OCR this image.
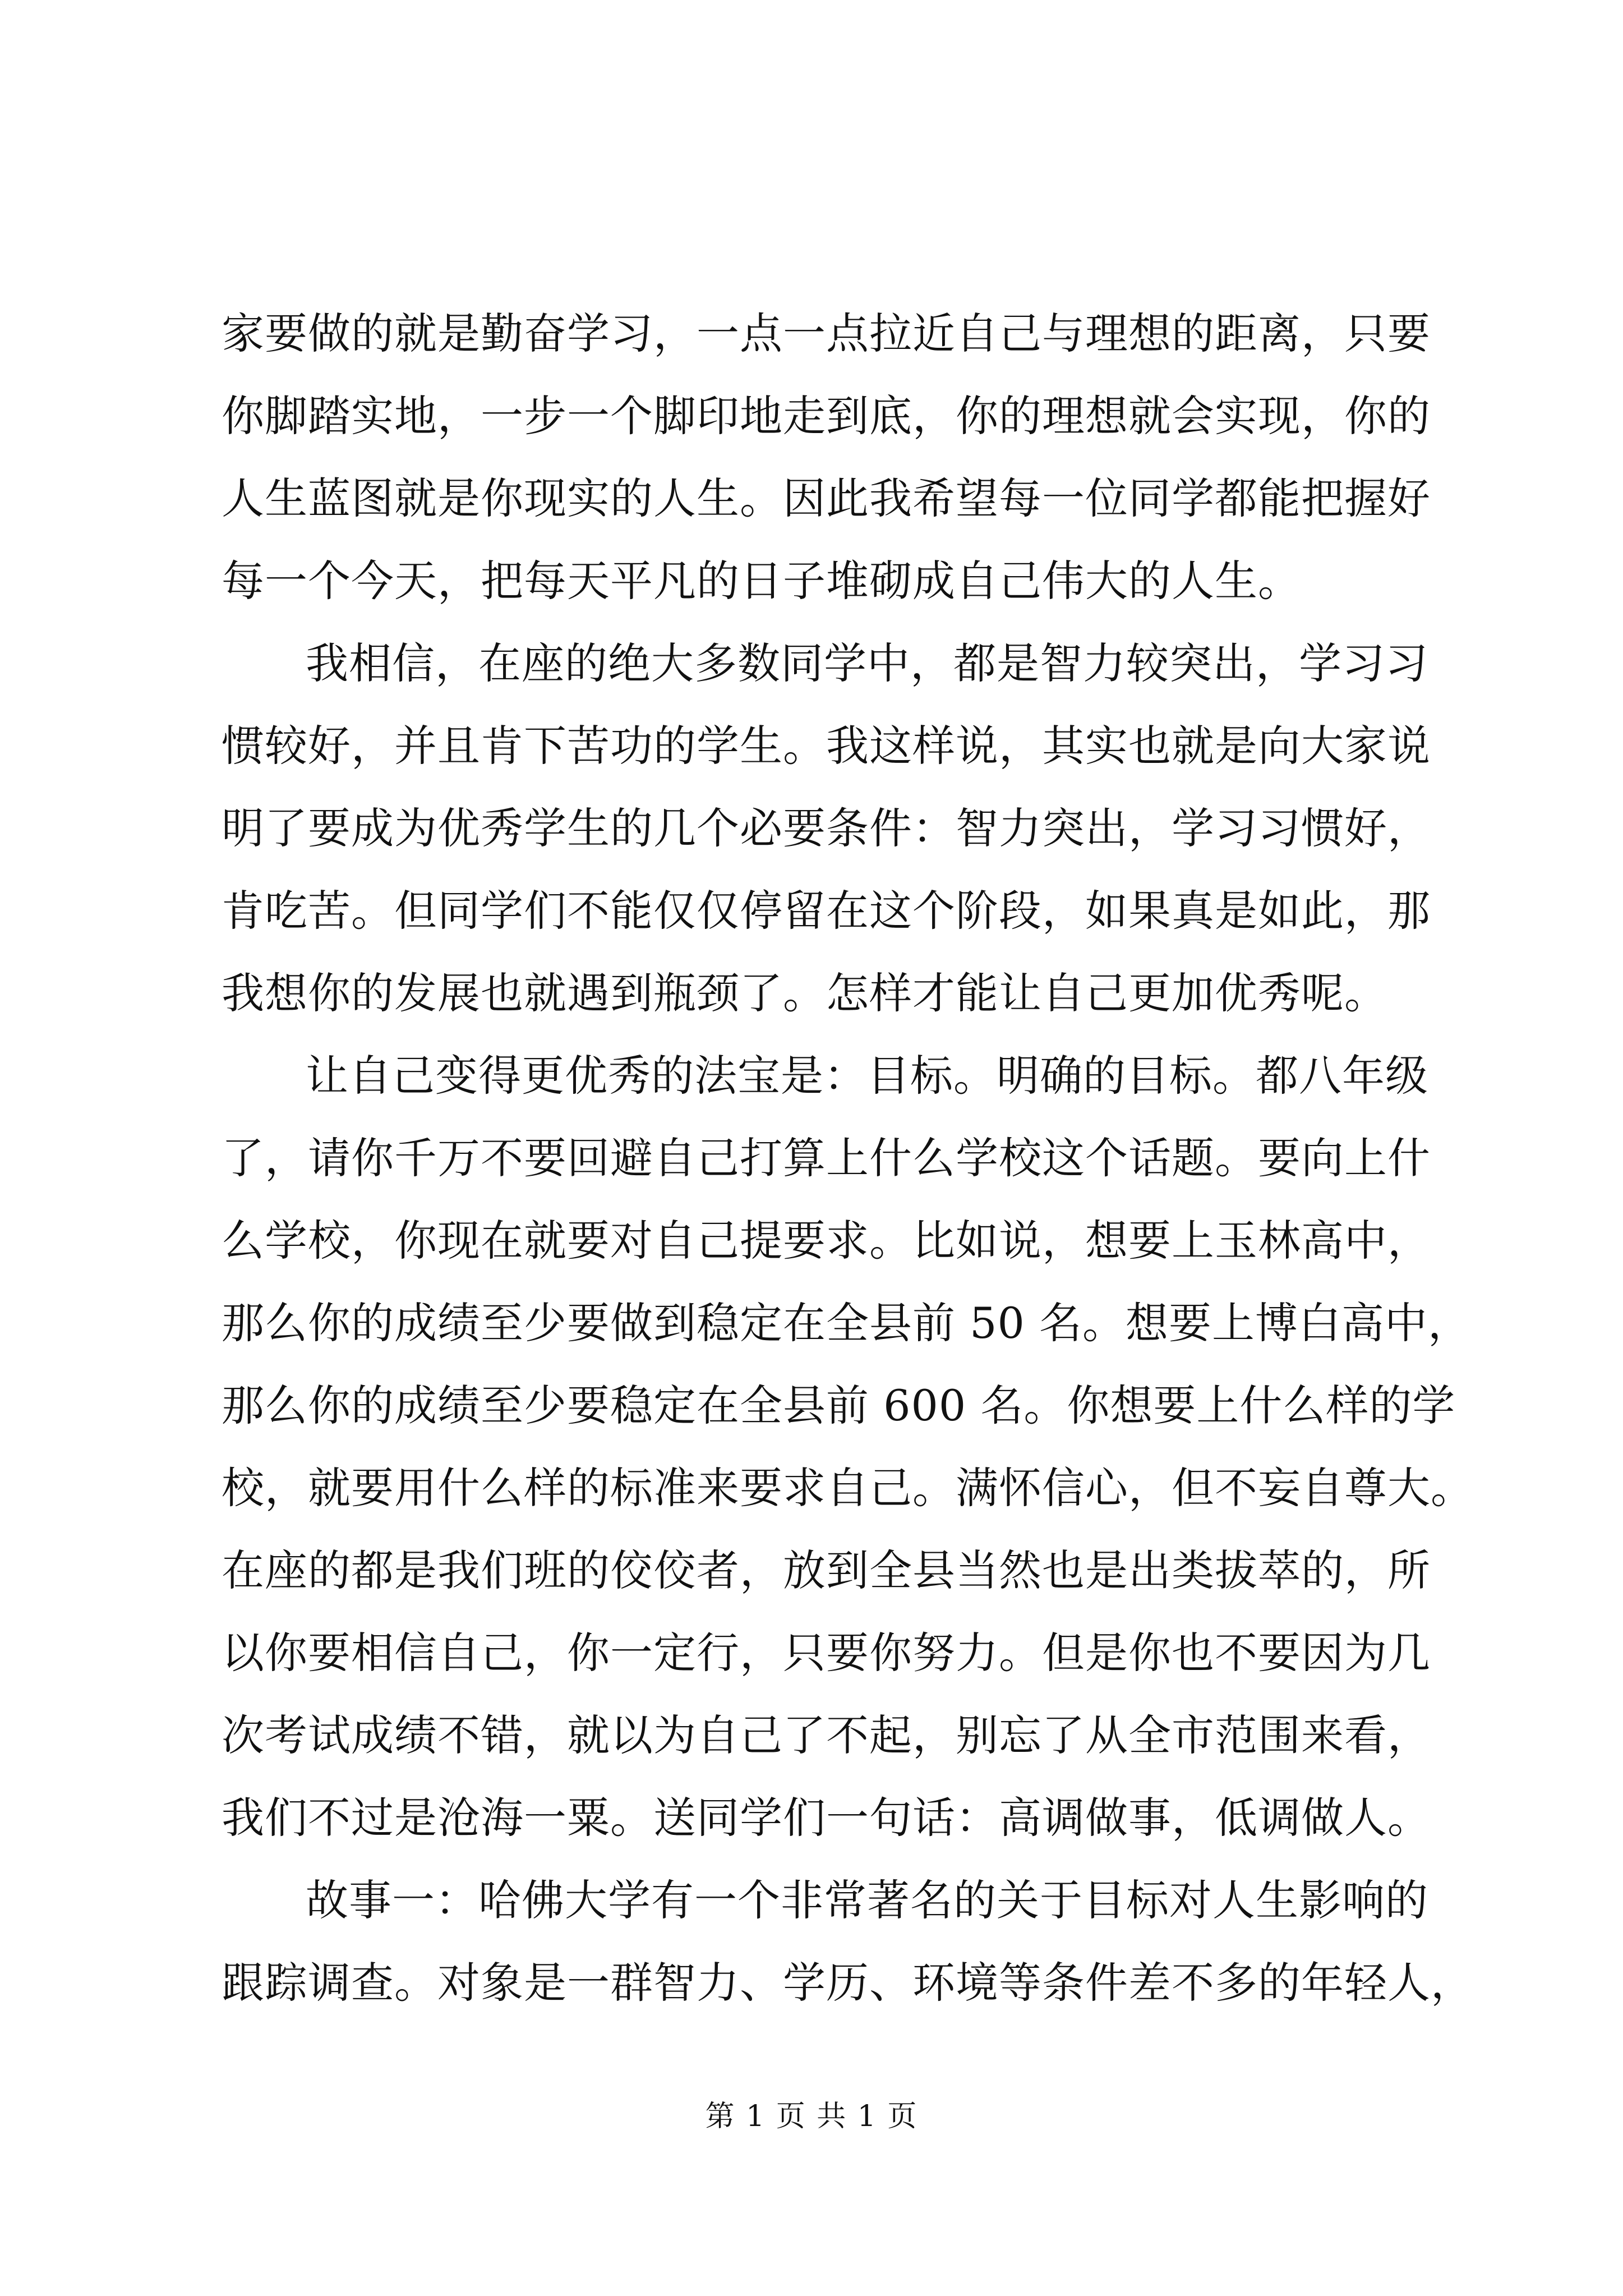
家要做的就是勤奋学习，一点一点拉近自己与理想的距离，只要
你脚踏实地，一步一个脚印地走到底，你的理想就会实现，你的
人生蓝图就是你现实的人生。因此我希望每一位同学都能把握好
每一个今天，把每天平凡的日子堆砌成自己伟大的人生。
我相信，在座的绝大多数同学中，都是智力较突出，学习习
惯较好，并且肯下苦功的学生。我这样说，其实也就是向大家说
明了要成为优秀学生的几个必要条件：智力突出，学习习惯好，
肯吃苦。但同学们不能仅仅停留在这个阶段，如果真是如此，那
我想你的发展也就遇到瓶颈了。怎样才能让自己更加优秀呢。
让自己变得更优秀的法宝是：目标。明确的目标。都八年级
了，请你千万不要回避自己打算上什么学校这个话题。要向上什
么学校，你现在就要对自己提要求。比如说，想要上玉林高中，
那么你的成绩至少要做到稳定在全县前 50 名。想要上博白高中，
那么你的成绩至少要稳定在全县前 600 名。你想要上什么样的学
校，就要用什么样的标准来要求自己。满怀信心，但不妄自尊大。
在座的都是我们班的佼佼者，放到全县当然也是出类拔萃的，所
以你要相信自己，你一定行，只要你努力。但是你也不要因为几
次考试成绩不错，就以为自己了不起，别忘了从全市范围来看，
我们不过是沧海一粟。送同学们一句话：高调做事，低调做人。
故事一：哈佛大学有一个非常著名的关于目标对人生影响的
跟踪调查。对象是一群智力、学历、环境等条件差不多的年轻人，
第 1 页 共 1 页
